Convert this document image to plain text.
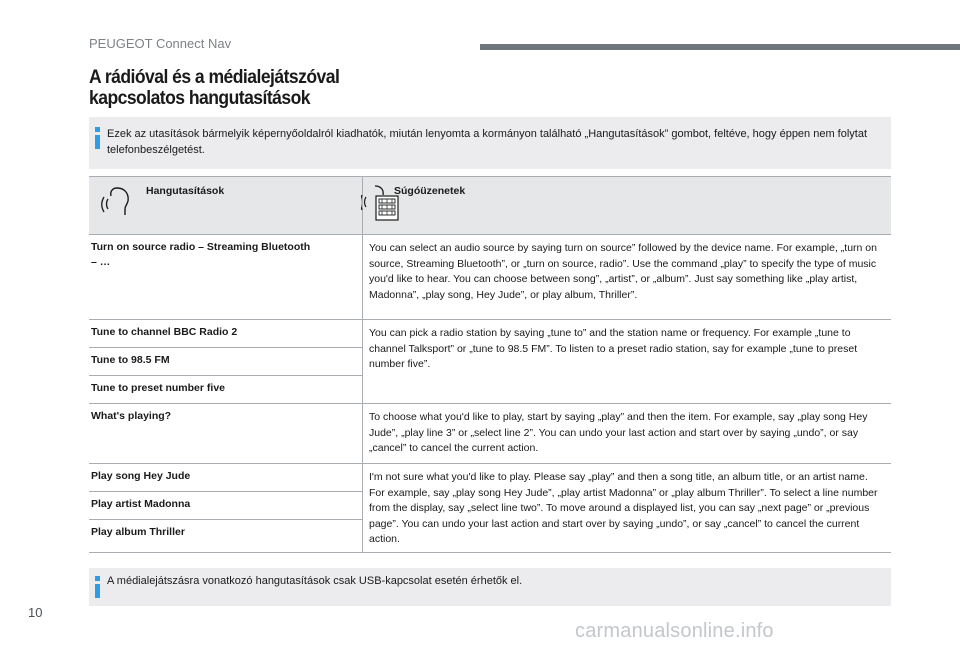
PEUGEOT Connect Nav
A rádióval és a médialejátszóval
kapcsolatos hangutasítások
Ezek az utasítások bármelyik képernyőoldalról kiadhatók, miután lenyomta a kormányon található „Hangutasítások” gombot, feltéve, hogy éppen nem folytat telefonbeszélgetést.
Hangutasítások	Súgóüzenetek
Turn on source radio – Streaming Bluetooth – …
You can select an audio source by saying turn on source” followed by the device name. For example, „turn on source, Streaming Bluetooth”, or „turn on source, radio”. Use the command „play” to specify the type of music you'd like to hear. You can choose between song”, „artist”, or „album”. Just say something like „play artist, Madonna”, „play song, Hey Jude”, or play album, Thriller”.
Tune to channel BBC Radio 2
Tune to 98.5 FM
Tune to preset number five
You can pick a radio station by saying „tune to” and the station name or frequency. For example „tune to channel Talksport” or „tune to 98.5 FM”. To listen to a preset radio station, say for example „tune to preset number five”.
What's playing?	To choose what you'd like to play, start by saying „play” and then the item. For example, say „play song Hey Jude”, „play line 3” or „select line 2”. You can undo your last action and start over by saying „undo”, or say „cancel” to cancel the current action.
Play song Hey Jude
Play artist Madonna
Play album Thriller
I'm not sure what you'd like to play. Please say „play” and then a song title, an album title, or an artist name. For example, say „play song Hey Jude”, „play artist Madonna” or „play album Thriller”. To select a line number from the display, say „select line two”. To move around a displayed list, you can say „next page” or „previous page”. You can undo your last action and start over by saying „undo”, or say „cancel” to cancel the current action.
A médialejátszásra vonatkozó hangutasítások csak USB-kapcsolat esetén érhetők el.
10
carmanualsonline.info
